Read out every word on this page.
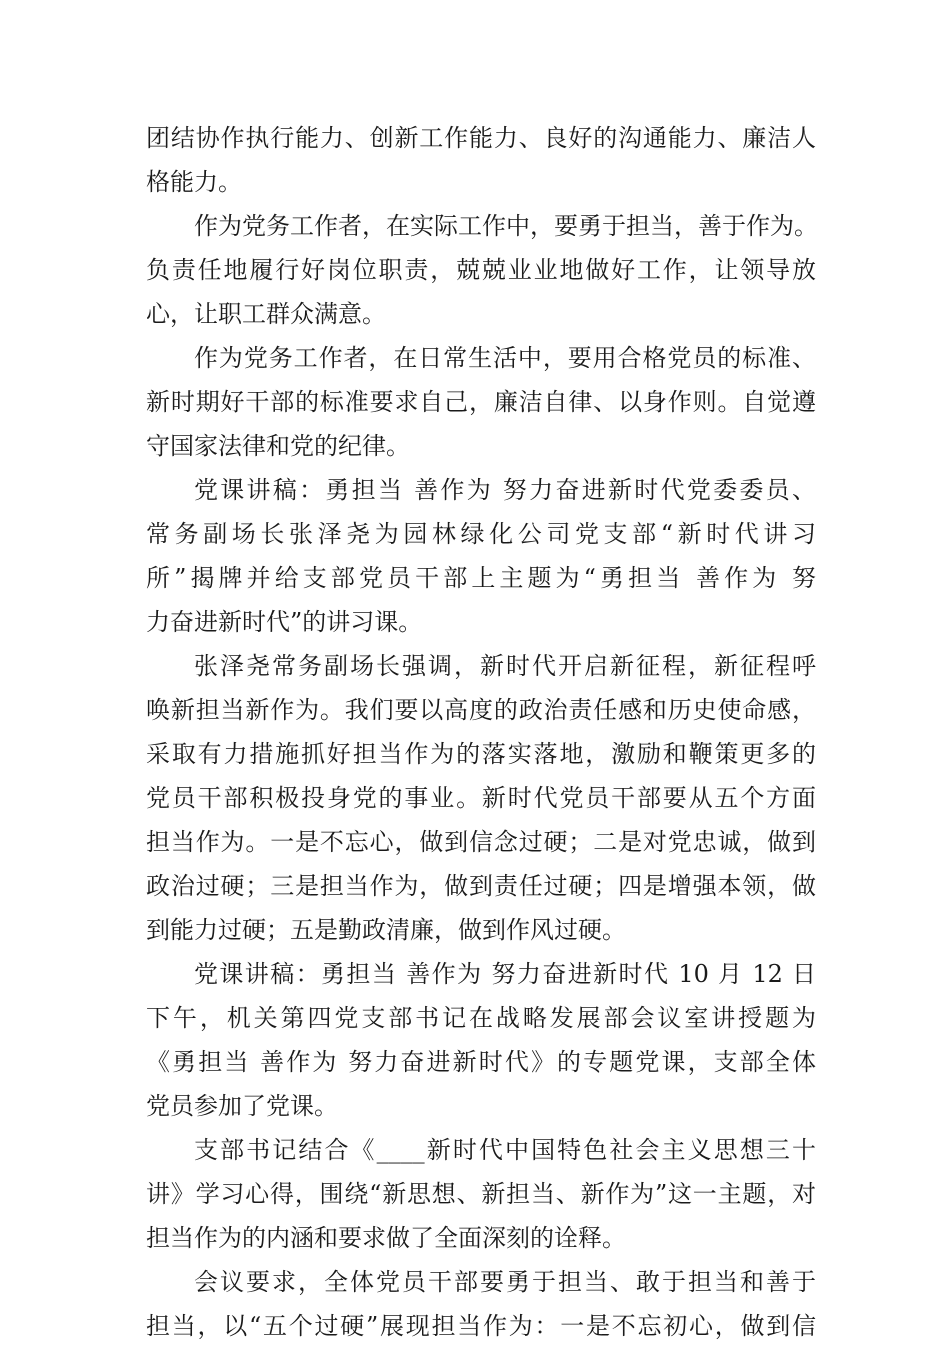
团结协作执行能力、创新工作能力、良好的沟通能力、廉洁人
格能力。
作为党务工作者，在实际工作中，要勇于担当，善于作为。
负责任地履行好岗位职责，兢兢业业地做好工作，让领导放
心，让职工群众满意。
作为党务工作者，在日常生活中，要用合格党员的标准、
新时期好干部的标准要求自己，廉洁自律、以身作则。自觉遵
守国家法律和党的纪律。
党课讲稿：勇担当 善作为 努力奋进新时代党委委员、
常务副场长张泽尧为园林绿化公司党支部“新时代讲习
所”揭牌并给支部党员干部上主题为“勇担当 善作为 努
力奋进新时代”的讲习课。
张泽尧常务副场长强调，新时代开启新征程，新征程呼
唤新担当新作为。我们要以高度的政治责任感和历史使命感，
采取有力措施抓好担当作为的落实落地，激励和鞭策更多的
党员干部积极投身党的事业。新时代党员干部要从五个方面
担当作为。一是不忘心，做到信念过硬；二是对党忠诚，做到
政治过硬；三是担当作为，做到责任过硬；四是增强本领，做
到能力过硬；五是勤政清廉，做到作风过硬。
党课讲稿：勇担当 善作为 努力奋进新时代 10 月 12 日
下午，机关第四党支部书记在战略发展部会议室讲授题为
《勇担当 善作为 努力奋进新时代》的专题党课，支部全体
党员参加了党课。
支部书记结合《____新时代中国特色社会主义思想三十
讲》学习心得，围绕“新思想、新担当、新作为”这一主题，对
担当作为的内涵和要求做了全面深刻的诠释。
会议要求，全体党员干部要勇于担当、敢于担当和善于
担当，以“五个过硬”展现担当作为：一是不忘初心，做到信
